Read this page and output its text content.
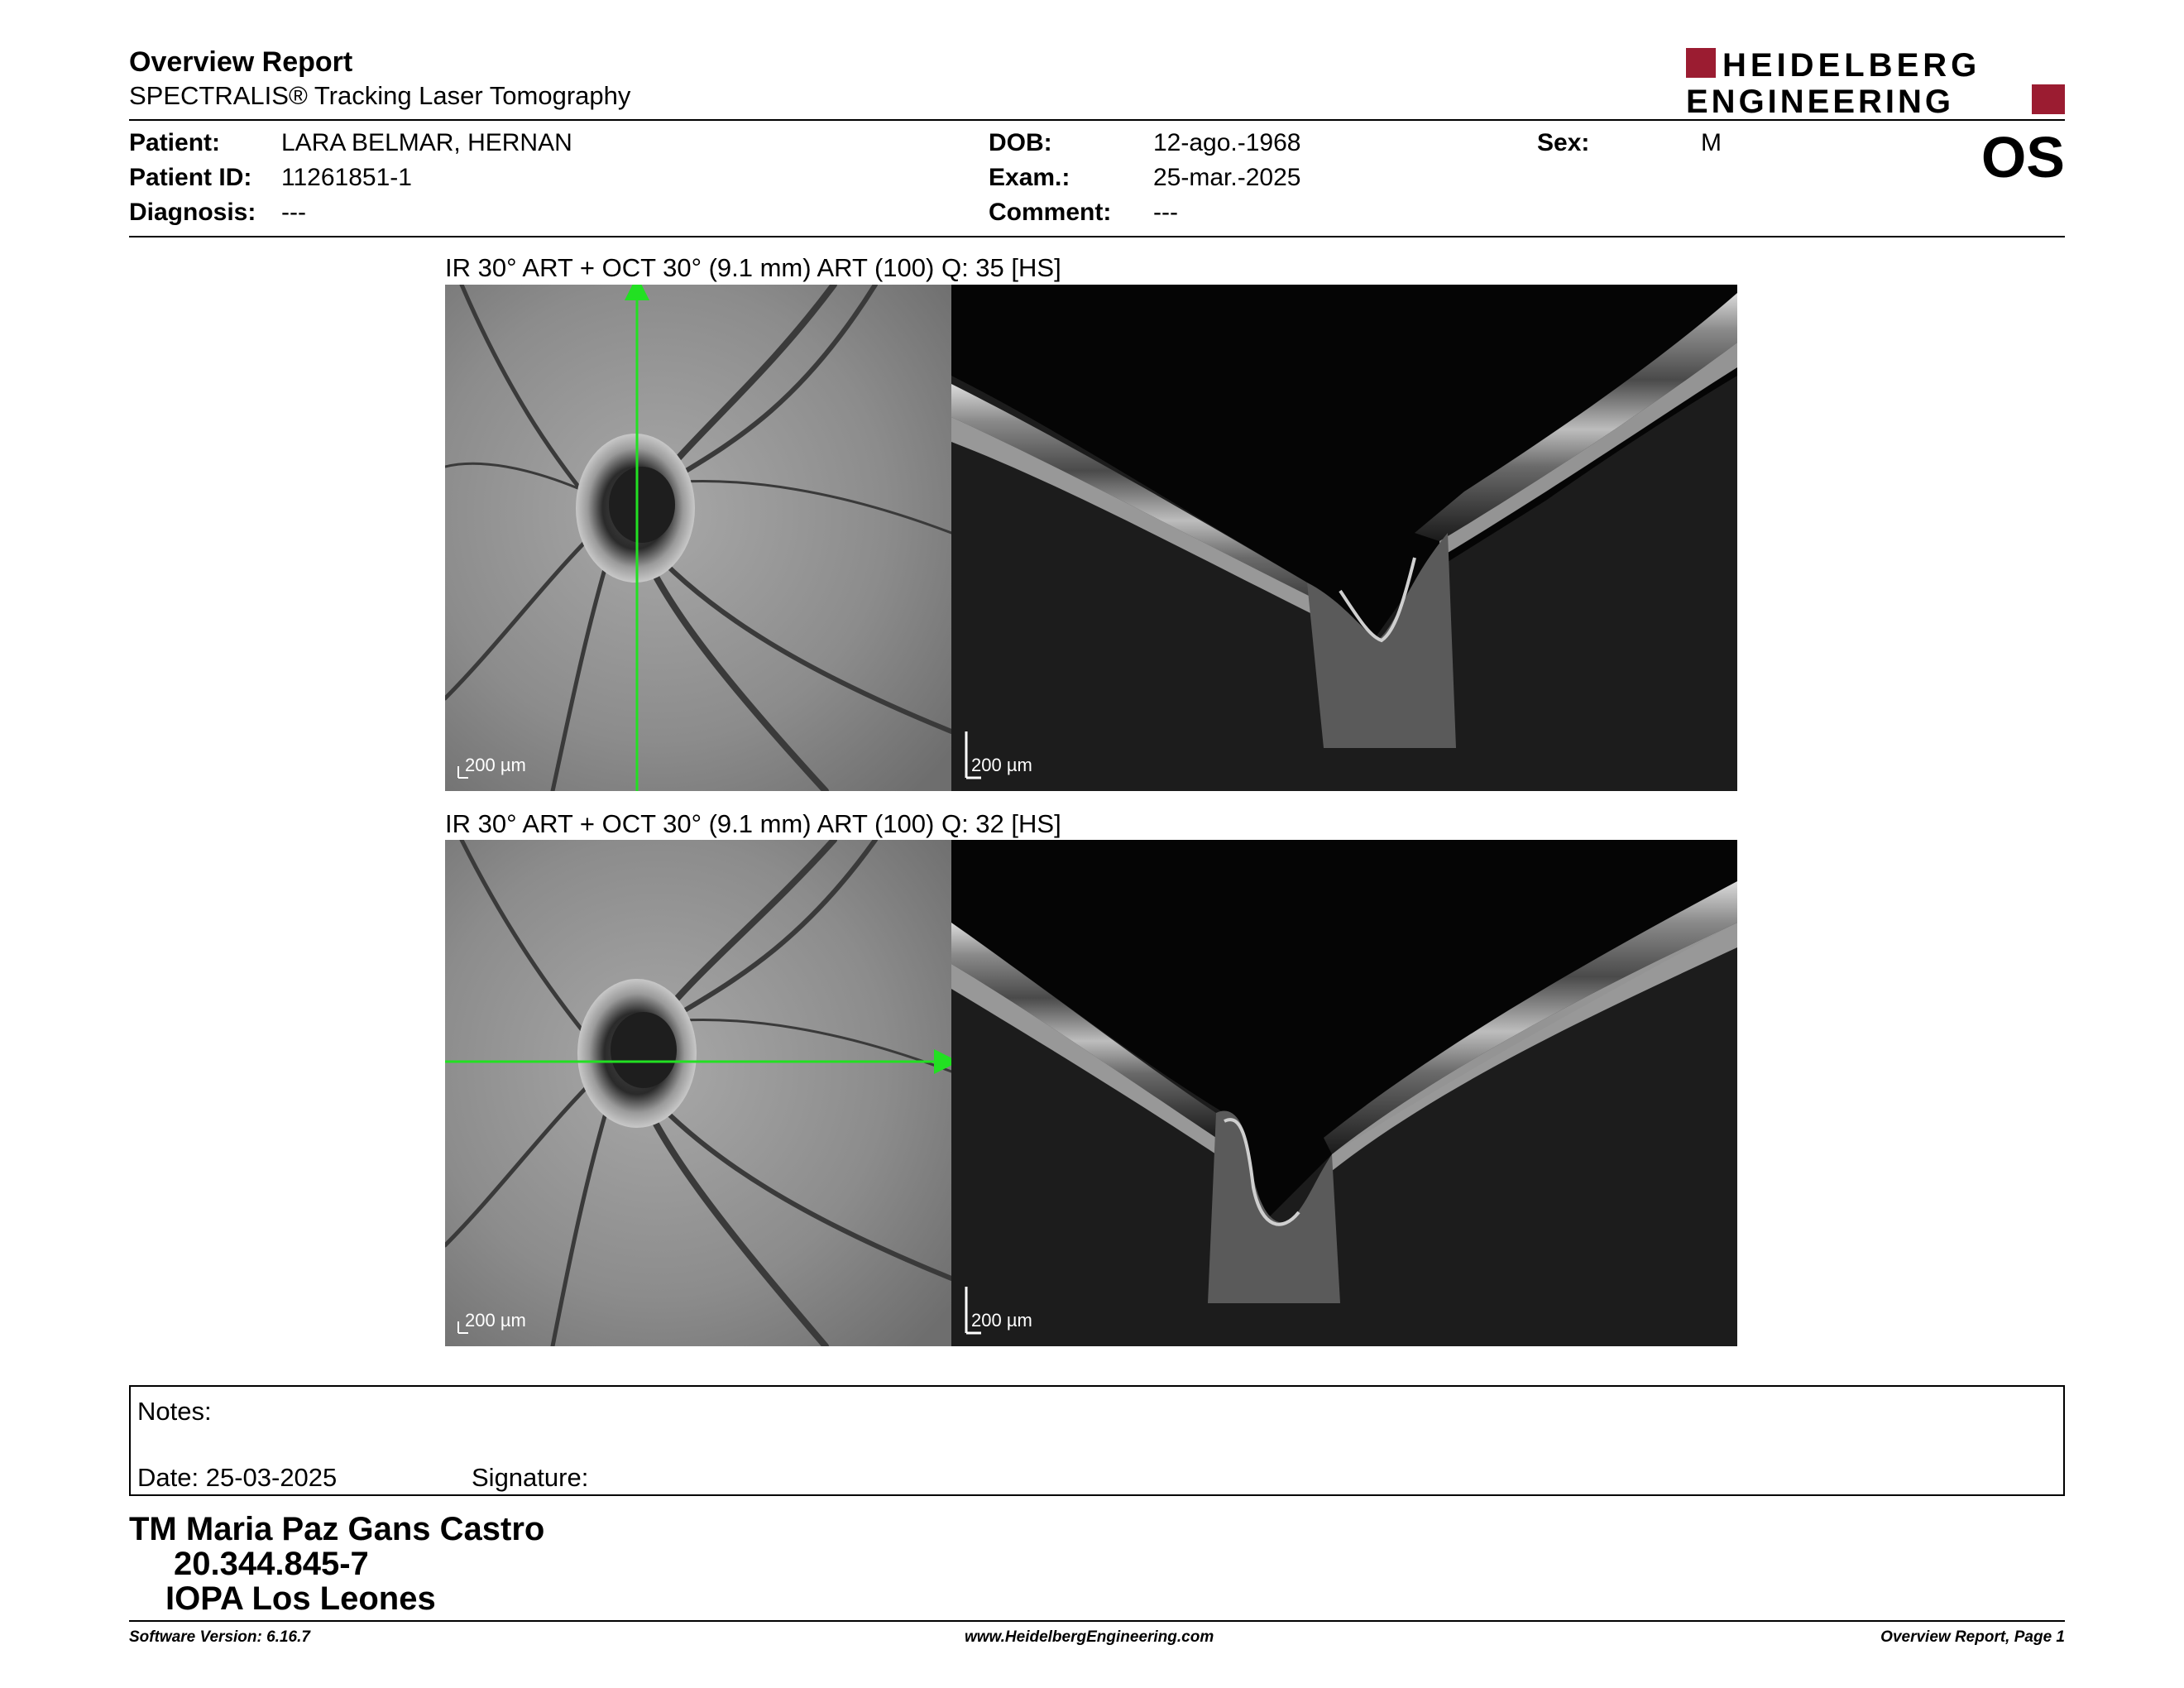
Overview Report
SPECTRALIS® Tracking Laser Tomography
HEIDELBERG
ENGINEERING
Patient: LARA BELMAR, HERNAN
Patient ID: 11261851-1
Diagnosis: ---
DOB:	12-ago.-1968
Exam.:	25-mar.-2025
Comment: ---
Sex:	M	OS
IR 30° ART + OCT 30° (9.1 mm) ART (100) Q: 35 [HS]
200 µm	200 µm
IR 30° ART + OCT 30° (9.1 mm) ART (100) Q: 32 [HS]
200 µm	200 µm
Notes:
Date: 25-03-2025	Signature:
TM Maria Paz Gans Castro
20.344.845-7
IOPA Los Leones
Software Version: 6.16.7	www.HeidelbergEngineering.com	Overview Report, Page 1
